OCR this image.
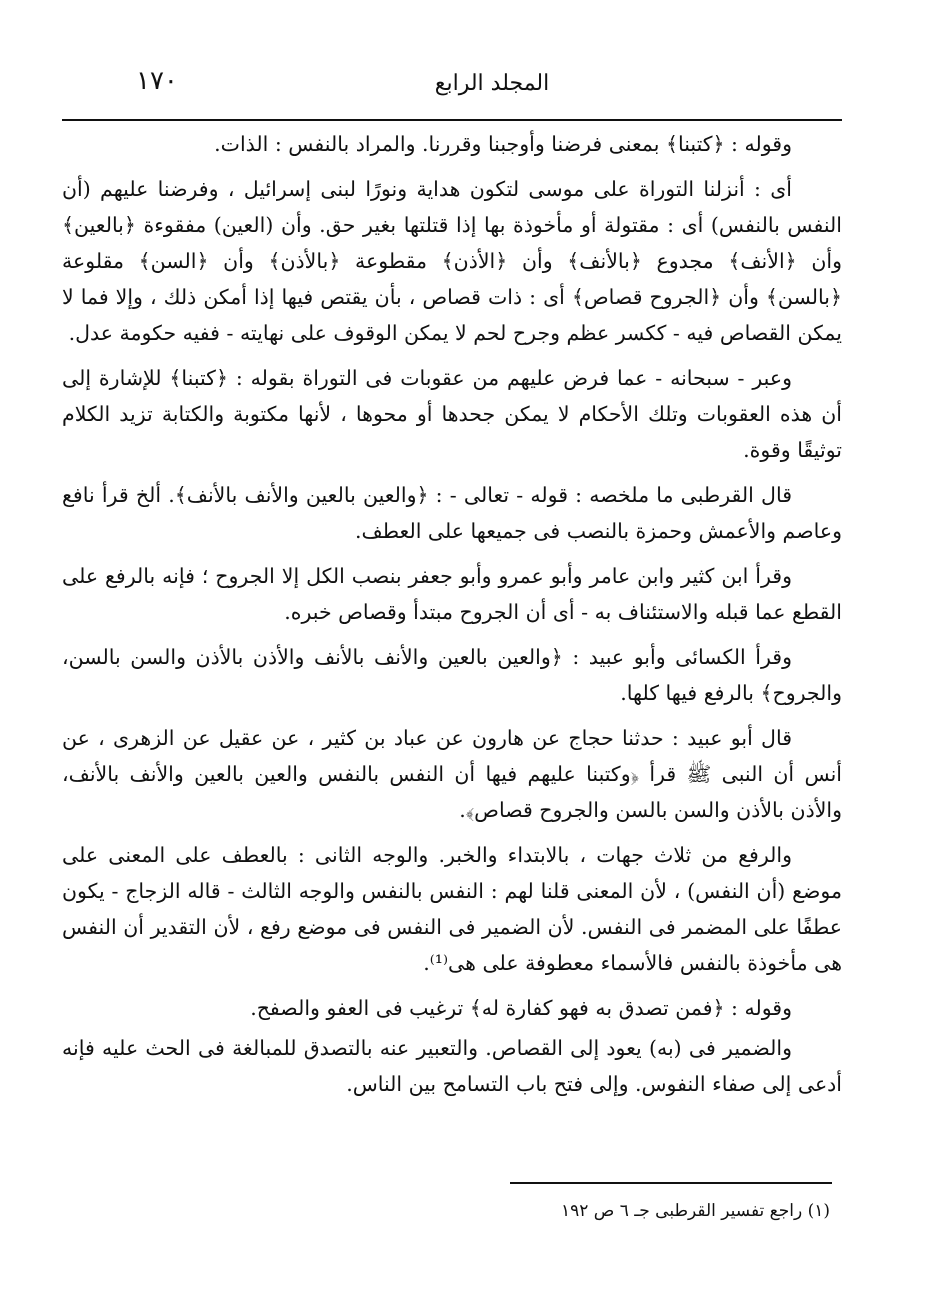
١٧٠	المجلد الرابع

وقوله : ﴿كتبنا﴾ بمعنى فرضنا وأوجبنا وقررنا. والمراد بالنفس : الذات.

أى : أنزلنا التوراة على موسى لتكون هداية ونورًا لبنى إسرائيل ، وفرضنا عليهم (أن النفس بالنفس) أى : مقتولة أو مأخوذة بها إذا قتلتها بغير حق. وأن (العين) مفقوءة ﴿بالعين﴾ وأن ﴿الأنف﴾ مجدوع ﴿بالأنف﴾ وأن ﴿الأذن﴾ مقطوعة ﴿بالأذن﴾ وأن ﴿السن﴾ مقلوعة ﴿بالسن﴾ وأن ﴿الجروح قصاص﴾ أى : ذات قصاص ، بأن يقتص فيها إذا أمكن ذلك ، وإلا فما لا يمكن القصاص فيه - ككسر عظم وجرح لحم لا يمكن الوقوف على نهايته - ففيه حكومة عدل.

وعبر - سبحانه - عما فرض عليهم من عقوبات فى التوراة بقوله : ﴿كتبنا﴾ للإشارة إلى أن هذه العقوبات وتلك الأحكام لا يمكن جحدها أو محوها ، لأنها مكتوبة والكتابة تزيد الكلام توثيقًا وقوة.

قال القرطبى ما ملخصه : قوله - تعالى - : ﴿والعين بالعين والأنف بالأنف﴾. ألخ قرأ نافع وعاصم والأعمش وحمزة بالنصب فى جميعها على العطف.

وقرأ ابن كثير وابن عامر وأبو عمرو وأبو جعفر بنصب الكل إلا الجروح ؛ فإنه بالرفع على القطع عما قبله والاستئناف به - أى أن الجروح مبتدأ وقصاص خبره.

وقرأ الكسائى وأبو عبيد : ﴿والعين بالعين والأنف بالأنف والأذن بالأذن والسن بالسن، والجروح﴾ بالرفع فيها كلها.

قال أبو عبيد : حدثنا حجاج عن هارون عن عباد بن كثير ، عن عقيل عن الزهرى ، عن أنس أن النبى ﷺ قرأ ﴿وكتبنا عليهم فيها أن النفس بالنفس والعين بالعين والأنف بالأنف، والأذن بالأذن والسن بالسن والجروح قصاص﴾.

والرفع من ثلاث جهات ، بالابتداء والخبر. والوجه الثانى : بالعطف على المعنى على موضع (أن النفس) ، لأن المعنى قلنا لهم : النفس بالنفس والوجه الثالث - قاله الزجاج - يكون عطفًا على المضمر فى النفس. لأن الضمير فى النفس فى موضع رفع ، لأن التقدير أن النفس هى مأخوذة بالنفس فالأسماء معطوفة على هى⁽¹⁾.

وقوله : ﴿فمن تصدق به فهو كفارة له﴾ ترغيب فى العفو والصفح.

والضمير فى (به) يعود إلى القصاص. والتعبير عنه بالتصدق للمبالغة فى الحث عليه فإنه أدعى إلى صفاء النفوس. وإلى فتح باب التسامح بين الناس.

(١) راجع تفسير القرطبى جـ ٦ ص ١٩٢
